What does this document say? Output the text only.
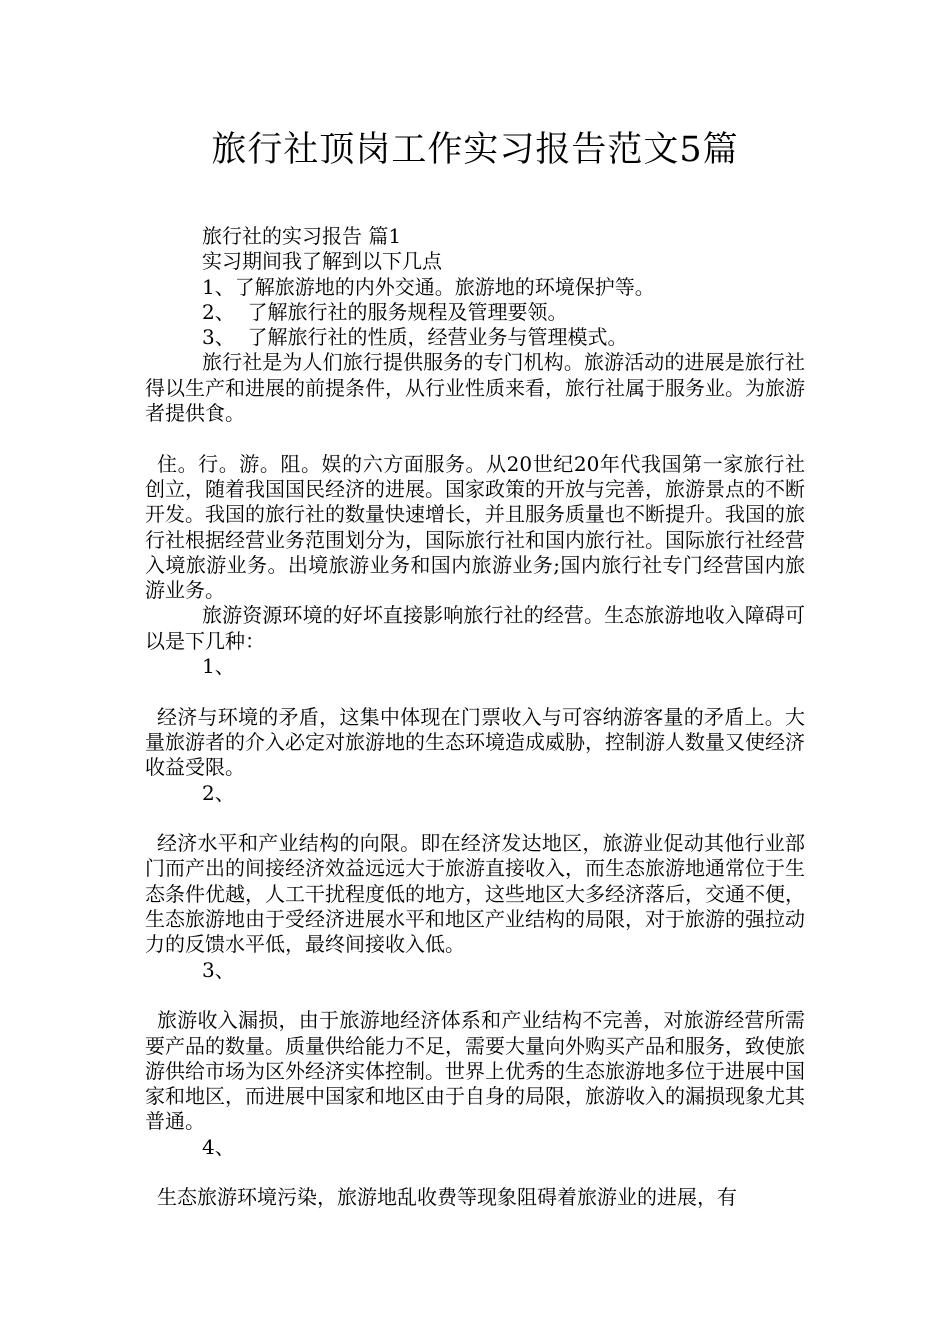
旅行社顶岗工作实习报告范文5篇

旅行社的实习报告 篇1

实习期间我了解到以下几点

1、了解旅游地的内外交通。旅游地的环境保护等。

2、  了解旅行社的服务规程及管理要领。

3、  了解旅行社的性质，经营业务与管理模式。

旅行社是为人们旅行提供服务的专门机构。旅游活动的进展是旅行社得以生产和进展的前提条件，从行业性质来看，旅行社属于服务业。为旅游者提供食。

住。行。游。阻。娱的六方面服务。从20世纪20年代我国第一家旅行社创立，随着我国国民经济的进展。国家政策的开放与完善，旅游景点的不断开发。我国的旅行社的数量快速增长，并且服务质量也不断提升。我国的旅行社根据经营业务范围划分为，国际旅行社和国内旅行社。国际旅行社经营入境旅游业务。出境旅游业务和国内旅游业务;国内旅行社专门经营国内旅游业务。

旅游资源环境的好坏直接影响旅行社的经营。生态旅游地收入障碍可以是下几种：

1、

经济与环境的矛盾，这集中体现在门票收入与可容纳游客量的矛盾上。大量旅游者的介入必定对旅游地的生态环境造成威胁，控制游人数量又使经济收益受限。

2、

经济水平和产业结构的向限。即在经济发达地区，旅游业促动其他行业部门而产出的间接经济效益远远大于旅游直接收入，而生态旅游地通常位于生态条件优越，人工干扰程度低的地方，这些地区大多经济落后，交通不便，生态旅游地由于受经济进展水平和地区产业结构的局限，对于旅游的强拉动力的反馈水平低，最终间接收入低。

3、

旅游收入漏损，由于旅游地经济体系和产业结构不完善，对旅游经营所需要产品的数量。质量供给能力不足，需要大量向外购买产品和服务，致使旅游供给市场为区外经济实体控制。世界上优秀的生态旅游地多位于进展中国家和地区，而进展中国家和地区由于自身的局限，旅游收入的漏损现象尤其普通。

4、

生态旅游环境污染，旅游地乱收费等现象阻碍着旅游业的进展，有
